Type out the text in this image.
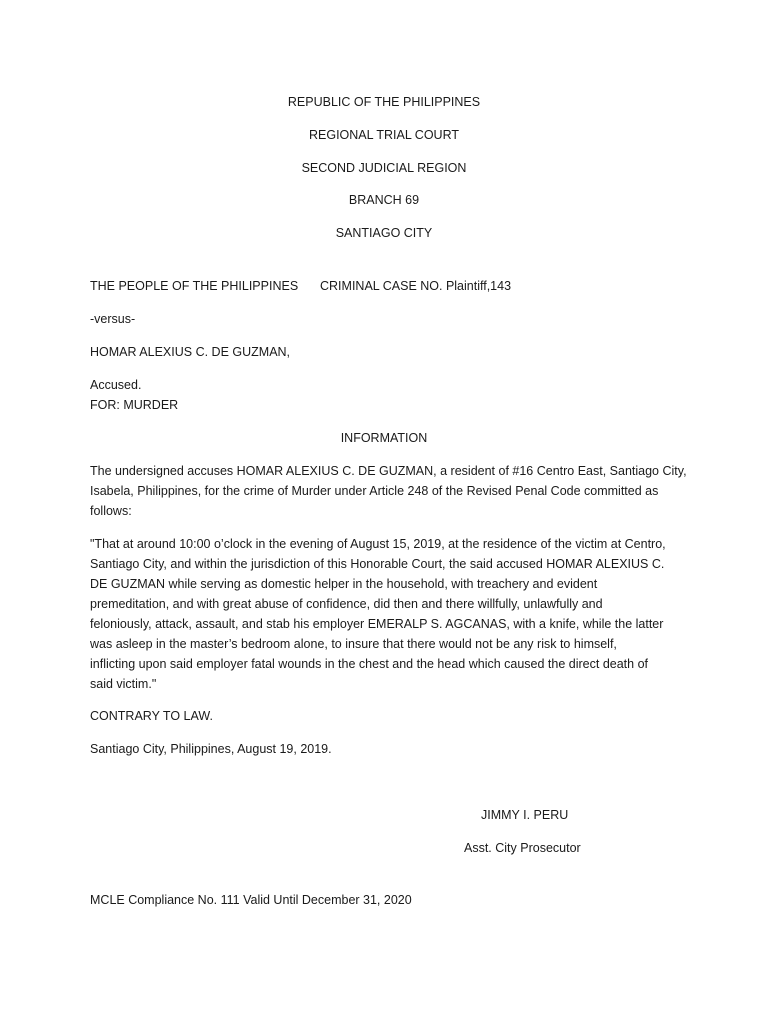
REPUBLIC OF THE PHILIPPINES
REGIONAL TRIAL COURT
SECOND JUDICIAL REGION
BRANCH 69
SANTIAGO CITY
THE PEOPLE OF THE PHILIPPINES CRIMINAL CASE NO. Plaintiff,143
-versus-
HOMAR ALEXIUS C. DE GUZMAN,
Accused.
FOR: MURDER
INFORMATION
The undersigned accuses HOMAR ALEXIUS C. DE GUZMAN, a resident of #16 Centro East, Santiago City, Isabela, Philippines, for the crime of Murder under Article 248 of the Revised Penal Code committed as follows:
"That at around 10:00 o’clock in the evening of August 15, 2019, at the residence of the victim at Centro,
Santiago City, and within the jurisdiction of this Honorable Court, the said accused HOMAR ALEXIUS C.
DE GUZMAN while serving as domestic helper in the household, with treachery and evident
premeditation, and with great abuse of confidence, did then and there willfully, unlawfully and
feloniously, attack, assault, and stab his employer EMERALP S. AGCANAS, with a knife, while the latter
was asleep in the master’s bedroom alone, to insure that there would not be any risk to himself,
inflicting upon said employer fatal wounds in the chest and the head which caused the direct death of
said victim."
CONTRARY TO LAW.
Santiago City, Philippines, August 19, 2019.
JIMMY I. PERU
Asst. City Prosecutor
MCLE Compliance No. 111 Valid Until December 31, 2020
